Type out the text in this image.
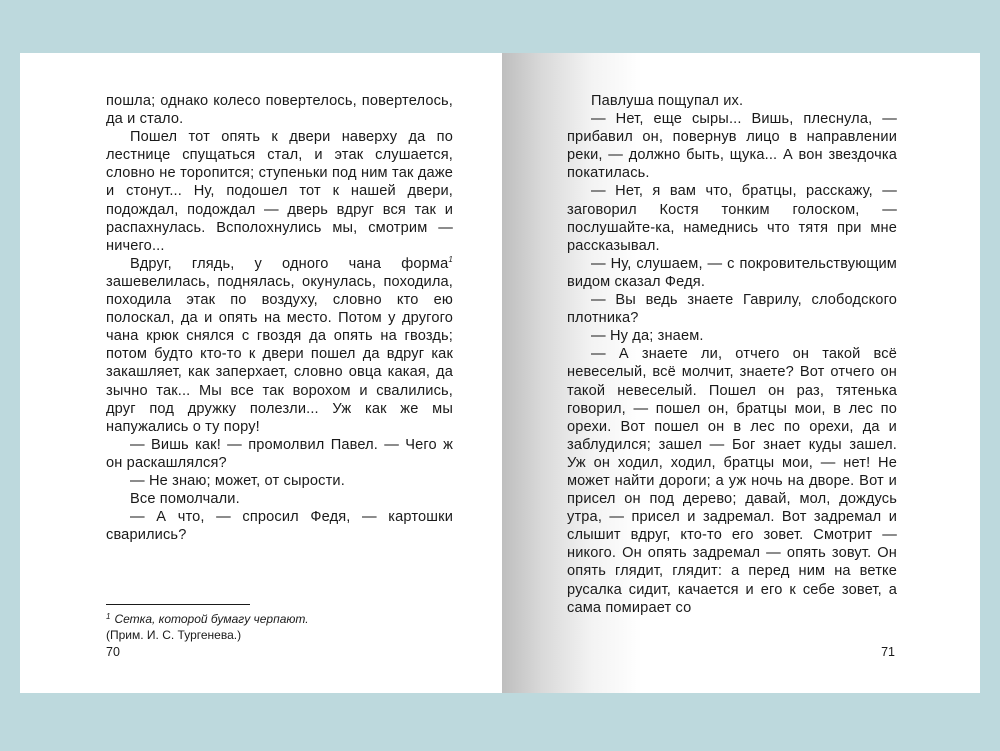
пошла; однако колесо повертелось, повертелось, да и стало.

Пошел тот опять к двери наверху да по лестнице спущаться стал, и этак слушается, словно не торопится; ступеньки под ним так даже и стонут... Ну, подошел тот к нашей двери, подождал, подождал — дверь вдруг вся так и распахнулась. Всполохнулись мы, смотрим — ничего...

Вдруг, глядь, у одного чана форма$^1$ зашевелилась, поднялась, окунулась, походила, походила этак по воздуху, словно кто ею полоскал, да и опять на место. Потом у другого чана крюк снялся с гвоздя да опять на гвоздь; потом будто кто-то к двери пошел да вдруг как закашляет, как заперхает, словно овца какая, да зычно так... Мы все так ворохом и свалились, друг под дружку полезли... Уж как же мы напужались о ту пору!

— Вишь как! — промолвил Павел. — Чего ж он раскашлялся?

— Не знаю; может, от сырости.

Все помолчали.

— А что, — спросил Федя, — картошки сварились?

$^1$ Сетка, которой бумагу черпают.
(Прим. И. С. Тургенева.)
70

Павлуша пощупал их.

— Нет, еще сыры... Вишь, плеснула, — прибавил он, повернув лицо в направлении реки, — должно быть, щука... А вон звездочка покатилась.

— Нет, я вам что, братцы, расскажу, — заговорил Костя тонким голоском, — послушайте-ка, намеднись что тятя при мне рассказывал.

— Ну, слушаем, — с покровительствующим видом сказал Федя.

— Вы ведь знаете Гаврилу, слободского плотника?

— Ну да; знаем.

— А знаете ли, отчего он такой всё невеселый, всё молчит, знаете? Вот отчего он такой невеселый. Пошел он раз, тятенька говорил, — пошел он, братцы мои, в лес по орехи. Вот пошел он в лес по орехи, да и заблудился; зашел — Бог знает куды зашел. Уж он ходил, ходил, братцы мои, — нет! Не может найти дороги; а уж ночь на дворе. Вот и присел он под дерево; давай, мол, дождусь утра, — присел и задремал. Вот задремал и слышит вдруг, кто-то его зовет. Смотрит — никого. Он опять задремал — опять зовут. Он опять глядит, глядит: а перед ним на ветке русалка сидит, качается и его к себе зовет, а сама помирает со

71
